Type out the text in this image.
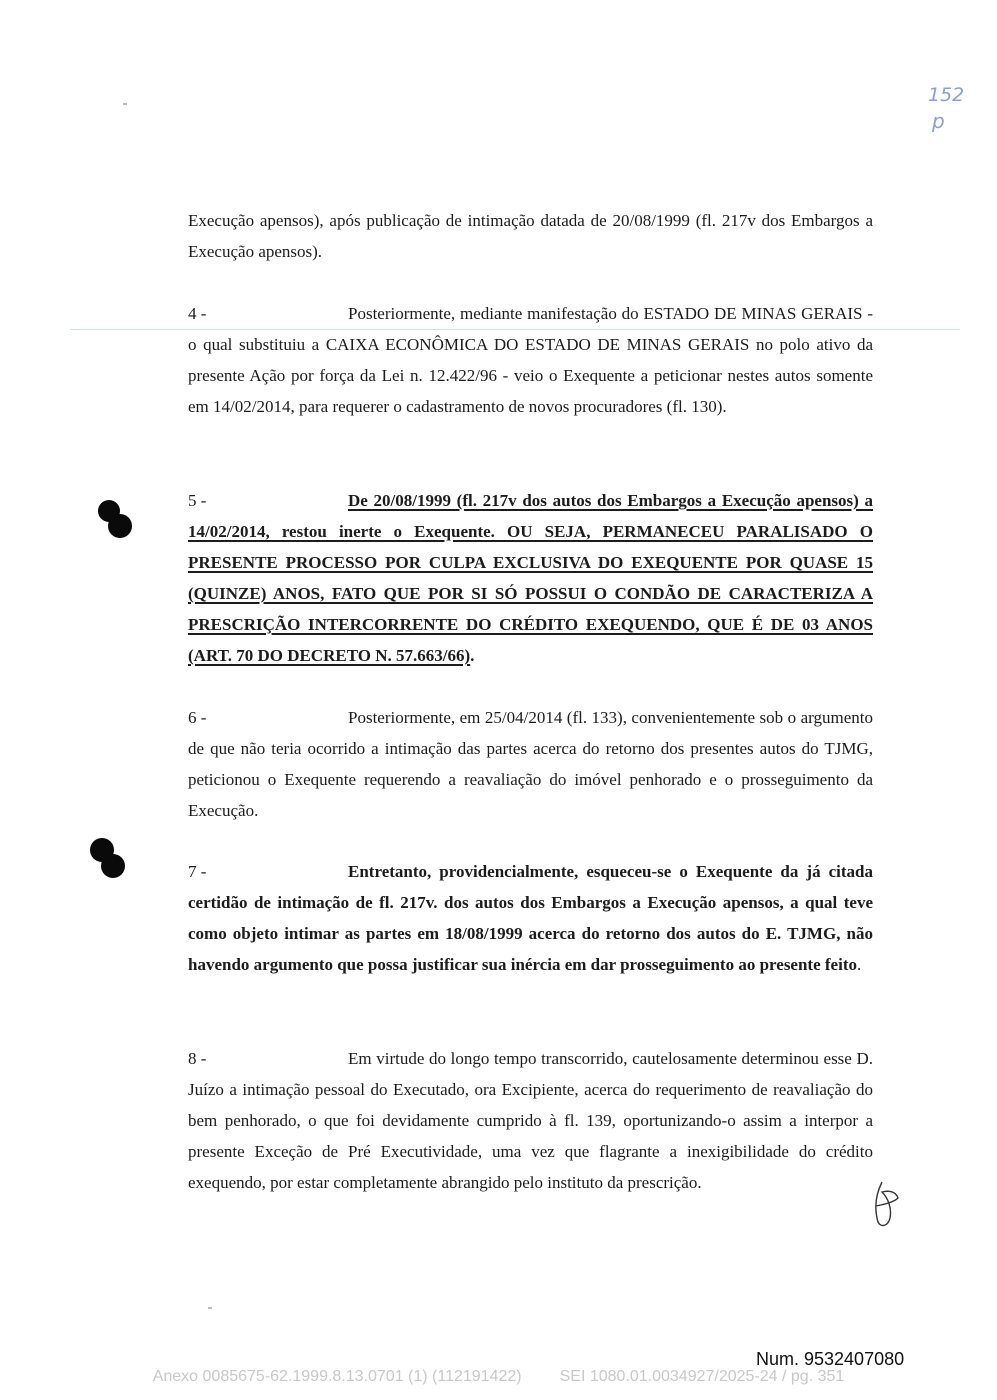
152
p
Execução apensos), após publicação de intimação datada de 20/08/1999 (fl. 217v dos Embargos a Execução apensos).
4 -	Posteriormente, mediante manifestação do ESTADO DE MINAS GERAIS - o qual substituiu a CAIXA ECONÔMICA DO ESTADO DE MINAS GERAIS no polo ativo da presente Ação por força da Lei n. 12.422/96 - veio o Exequente a peticionar nestes autos somente em 14/02/2014, para requerer o cadastramento de novos procuradores (fl. 130).
5 -	De 20/08/1999 (fl. 217v dos autos dos Embargos a Execução apensos) a 14/02/2014, restou inerte o Exequente. OU SEJA, PERMANECEU PARALISADO O PRESENTE PROCESSO POR CULPA EXCLUSIVA DO EXEQUENTE POR QUASE 15 (QUINZE) ANOS, FATO QUE POR SI SÓ POSSUI O CONDÃO DE CARACTERIZA A PRESCRIÇÃO INTERCORRENTE DO CRÉDITO EXEQUENDO, QUE É DE 03 ANOS (ART. 70 DO DECRETO N. 57.663/66).
6 -	Posteriormente, em 25/04/2014 (fl. 133), convenientemente sob o argumento de que não teria ocorrido a intimação das partes acerca do retorno dos presentes autos do TJMG, peticionou o Exequente requerendo a reavaliação do imóvel penhorado e o prosseguimento da Execução.
7 -	Entretanto, providencialmente, esqueceu-se o Exequente da já citada certidão de intimação de fl. 217v. dos autos dos Embargos a Execução apensos, a qual teve como objeto intimar as partes em 18/08/1999 acerca do retorno dos autos do E. TJMG, não havendo argumento que possa justificar sua inércia em dar prosseguimento ao presente feito.
8 -	Em virtude do longo tempo transcorrido, cautelosamente determinou esse D. Juízo a intimação pessoal do Executado, ora Excipiente, acerca do requerimento de reavaliação do bem penhorado, o que foi devidamente cumprido à fl. 139, oportunizando-o assim a interpor a presente Exceção de Pré Executividade, uma vez que flagrante a inexigibilidade do crédito exequendo, por estar completamente abrangido pelo instituto da prescrição.
Num. 9532407080
Anexo 0085675-62.1999.8.13.0701 (1) (112191422) SEI 1080.01.0034927/2025-24 / pg. 351
